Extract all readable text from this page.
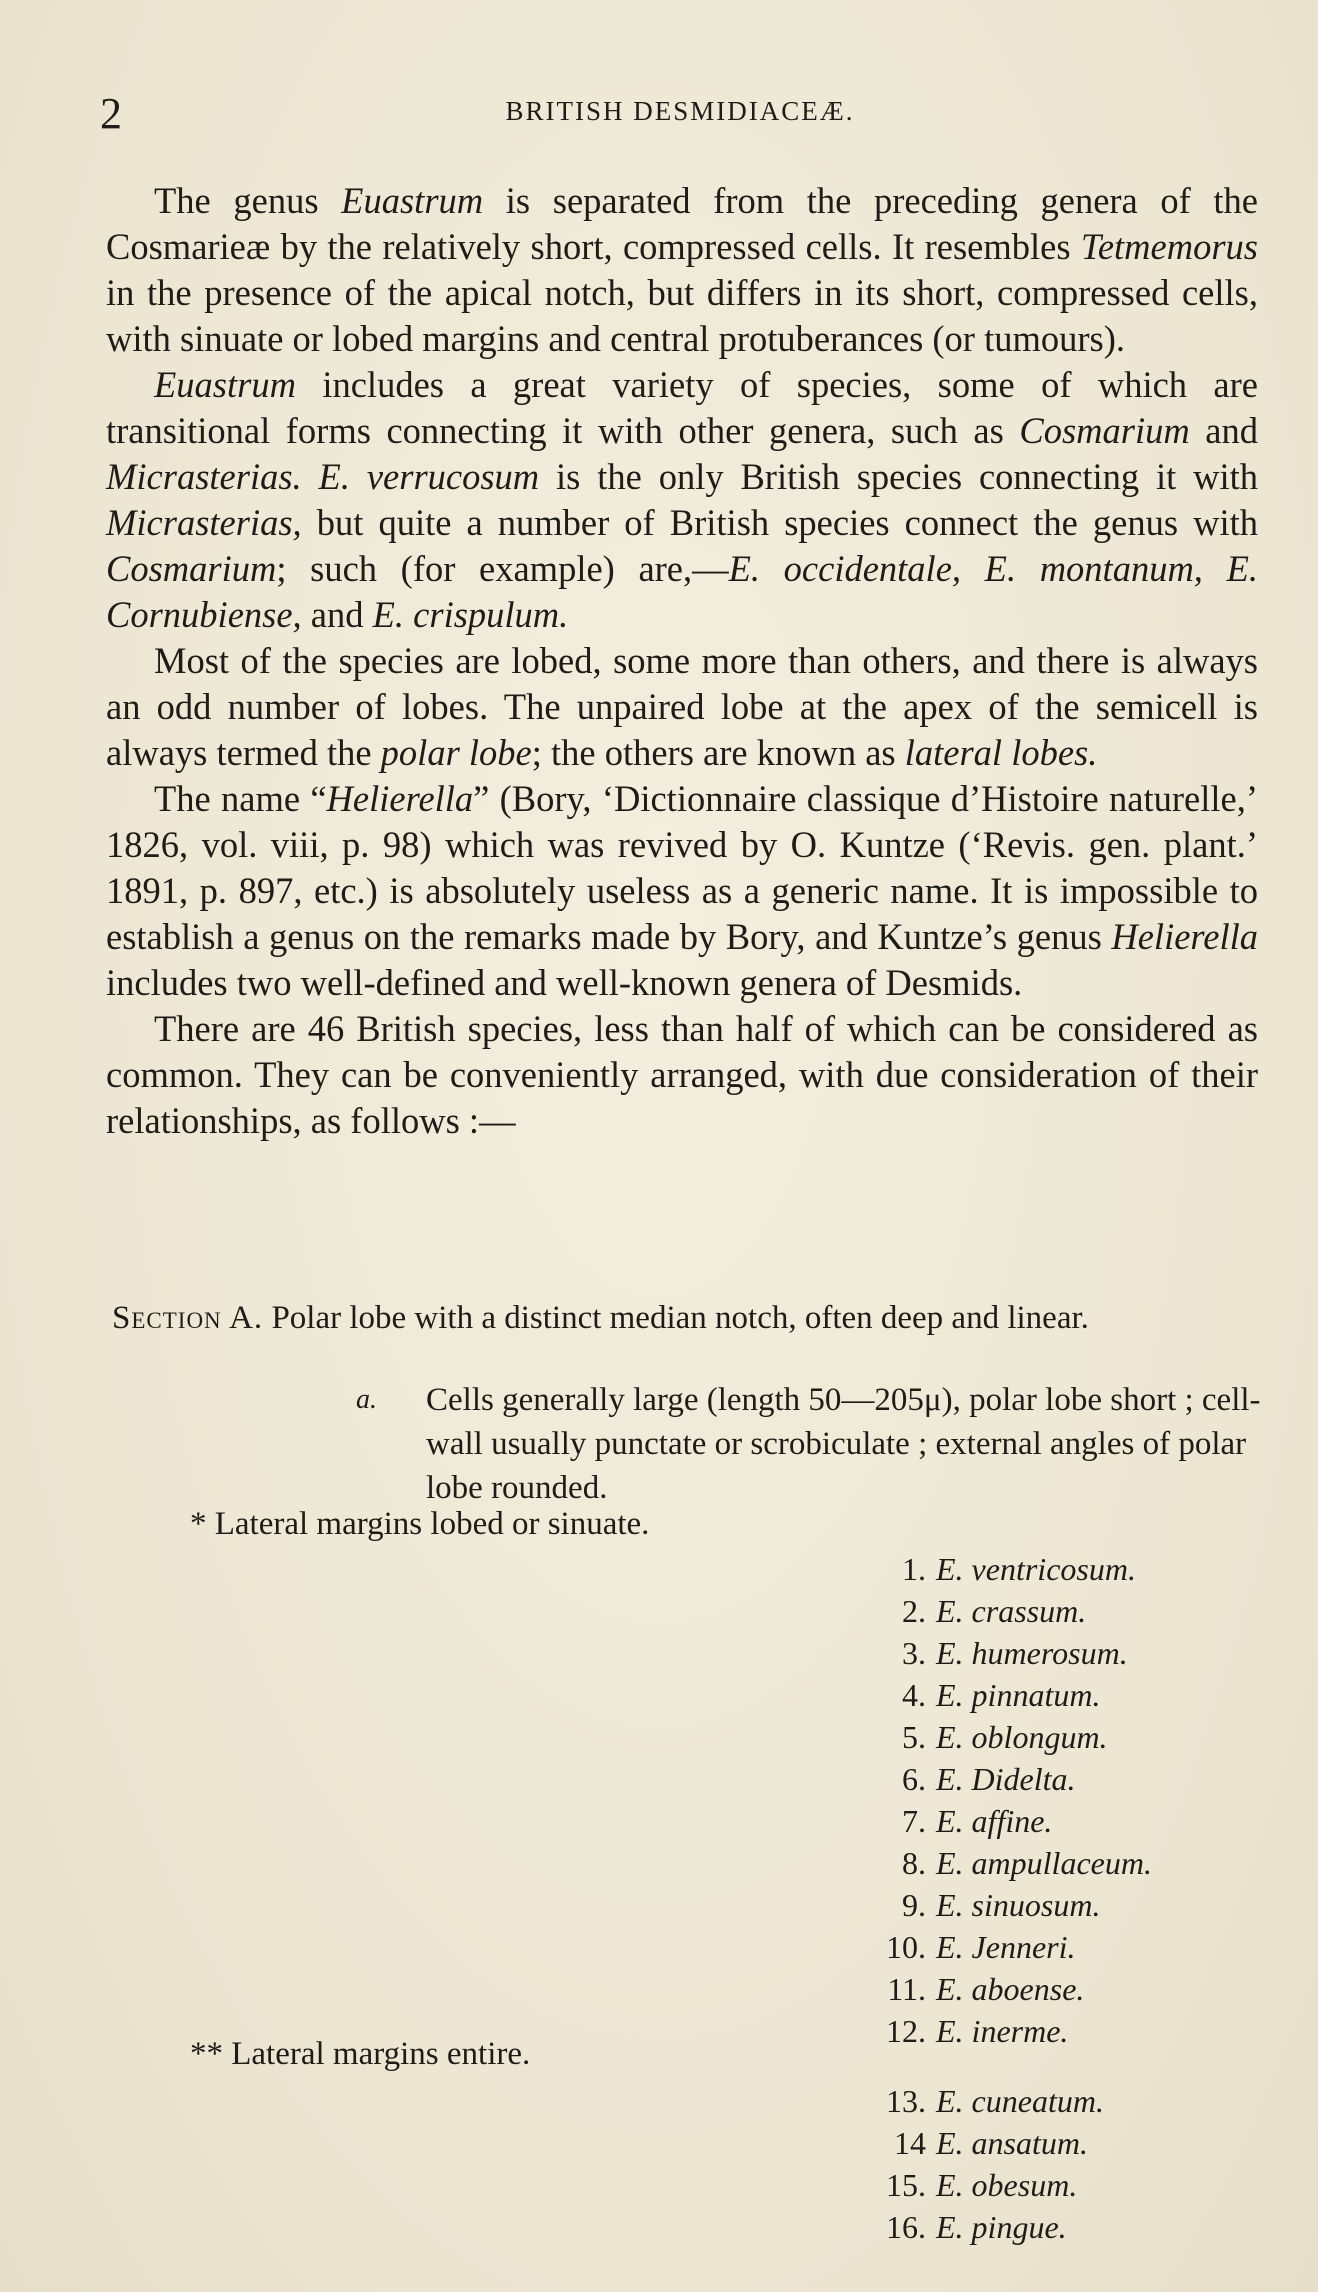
2	BRITISH DESMIDIACEÆ.

The genus Euastrum is separated from the preceding genera of the Cosmarieæ by the relatively short, compressed cells. It resembles Tetmemorus in the presence of the apical notch, but differs in its short, compressed cells, with sinuate or lobed margins and central protuberances (or tumours).

Euastrum includes a great variety of species, some of which are transitional forms connecting it with other genera, such as Cosmarium and Micrasterias. E. verrucosum is the only British species connecting it with Micrasterias, but quite a number of British species connect the genus with Cosmarium; such (for example) are,—E. occidentale, E. montanum, E. Cornubiense, and E. crispulum.

Most of the species are lobed, some more than others, and there is always an odd number of lobes. The unpaired lobe at the apex of the semicell is always termed the polar lobe; the others are known as lateral lobes.

The name “Helierella” (Bory, ‘Dictionnaire classique d’Histoire naturelle,’ 1826, vol. viii, p. 98) which was revived by O. Kuntze (‘Revis. gen. plant.’ 1891, p. 897, etc.) is absolutely useless as a generic name. It is impossible to establish a genus on the remarks made by Bory, and Kuntze’s genus Helierella includes two well-defined and well-known genera of Desmids.

There are 46 British species, less than half of which can be considered as common. They can be conveniently arranged, with due consideration of their relationships, as follows :—

Section A. Polar lobe with a distinct median notch, often deep and linear.
a.	Cells generally large (length 50—205μ), polar lobe short ; cell-wall usually punctate or scrobiculate ; external angles of polar lobe rounded.
* Lateral margins lobed or sinuate.
1. E. ventricosum.
2. E. crassum.
3. E. humerosum.
4. E. pinnatum.
5. E. oblongum.
6. E. Didelta.
7. E. affine.
8. E. ampullaceum.
9. E. sinuosum.
10. E. Jenneri.
11. E. aboense.
12. E. inerme.
** Lateral margins entire.
13. E. cuneatum.
14 E. ansatum.
15. E. obesum.
16. E. pingue.
